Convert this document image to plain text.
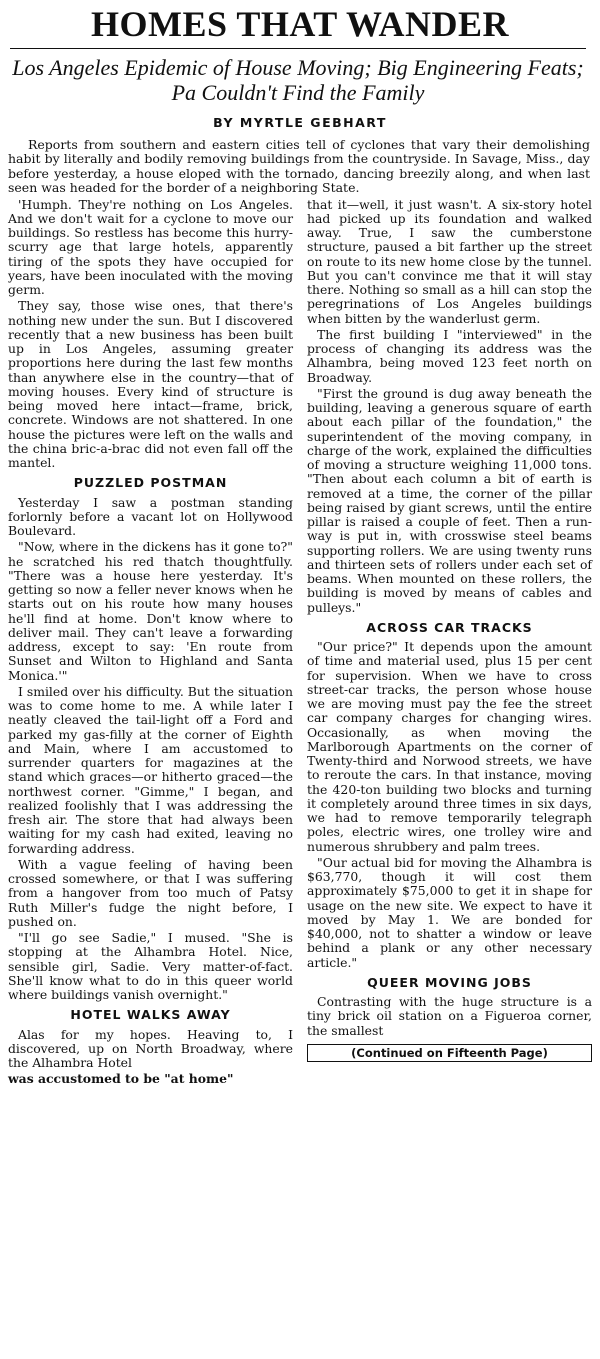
HOMES THAT WANDER
Los Angeles Epidemic of House Moving; Big Engineering Feats; Pa Couldn't Find the Family
BY MYRTLE GEBHART

Reports from southern and eastern cities tell of cyclones that vary their demolishing habit by literally and bodily removing buildings from the countryside. In Savage, Miss., day before yesterday, a house eloped with the tornado, dancing breezily along, and when last seen was headed for the border of a neighboring State.

'Humph. They're nothing on Los Angeles. And we don't wait for a cyclone to move our buildings. So restless has become this hurry-scurry age that large hotels, apparently tiring of the spots they have occupied for years, have been inoculated with the moving germ.

They say, those wise ones, that there's nothing new under the sun. But I discovered recently that a new business has been built up in Los Angeles, assuming greater proportions here during the last few months than anywhere else in the country—that of moving houses. Every kind of structure is being moved here intact—frame, brick, concrete. Windows are not shattered. In one house the pictures were left on the walls and the china bric-a-brac did not even fall off the mantel.

PUZZLED POSTMAN

Yesterday I saw a postman standing forlornly before a vacant lot on Hollywood Boulevard.

"Now, where in the dickens has it gone to?" he scratched his red thatch thoughtfully. "There was a house here yesterday. It's getting so now a feller never knows when he starts out on his route how many houses he'll find at home. Don't know where to deliver mail. They can't leave a forwarding address, except to say: 'En route from Sunset and Wilton to Highland and Santa Monica.'"

I smiled over his difficulty. But the situation was to come home to me. A while later I neatly cleaved the tail-light off a Ford and parked my gas-filly at the corner of Eighth and Main, where I am accustomed to surrender quarters for magazines at the stand which graces—or hitherto graced—the northwest corner. "Gimme," I began, and realized foolishly that I was addressing the fresh air. The store that had always been waiting for my cash had exited, leaving no forwarding address.

With a vague feeling of having been crossed somewhere, or that I was suffering from a hangover from too much of Patsy Ruth Miller's fudge the night before, I pushed on.

"I'll go see Sadie," I mused. "She is stopping at the Alhambra Hotel. Nice, sensible girl, Sadie. Very matter-of-fact. She'll know what to do in this queer world where buildings vanish overnight."

HOTEL WALKS AWAY

Alas for my hopes. Heaving to, I discovered, up on North Broadway, where the Alhambra Hotel

was accustomed to be "at home"

that it—well, it just wasn't. A six-story hotel had picked up its foundation and walked away. True, I saw the cumberstone structure, paused a bit farther up the street on route to its new home close by the tunnel. But you can't convince me that it will stay there. Nothing so small as a hill can stop the peregrinations of Los Angeles buildings when bitten by the wanderlust germ.

The first building I "interviewed" in the process of changing its address was the Alhambra, being moved 123 feet north on Broadway.

"First the ground is dug away beneath the building, leaving a generous square of earth about each pillar of the foundation," the superintendent of the moving company, in charge of the work, explained the difficulties of moving a structure weighing 11,000 tons. "Then about each column a bit of earth is removed at a time, the corner of the pillar being raised by giant screws, until the entire pillar is raised a couple of feet. Then a run-way is put in, with crosswise steel beams supporting rollers. We are using twenty runs and thirteen sets of rollers under each set of beams. When mounted on these rollers, the building is moved by means of cables and pulleys."

ACROSS CAR TRACKS

"Our price?" It depends upon the amount of time and material used, plus 15 per cent for supervision. When we have to cross street-car tracks, the person whose house we are moving must pay the fee the street car company charges for changing wires. Occasionally, as when moving the Marlborough Apartments on the corner of Twenty-third and Norwood streets, we have to reroute the cars. In that instance, moving the 420-ton building two blocks and turning it completely around three times in six days, we had to remove temporarily telegraph poles, electric wires, one trolley wire and numerous shrubbery and palm trees.

"Our actual bid for moving the Alhambra is $63,770, though it will cost them approximately $75,000 to get it in shape for usage on the new site. We expect to have it moved by May 1. We are bonded for $40,000, not to shatter a window or leave behind a plank or any other necessary article."

QUEER MOVING JOBS

Contrasting with the huge structure is a tiny brick oil station on a Figueroa corner, the smallest

(Continued on Fifteenth Page)
